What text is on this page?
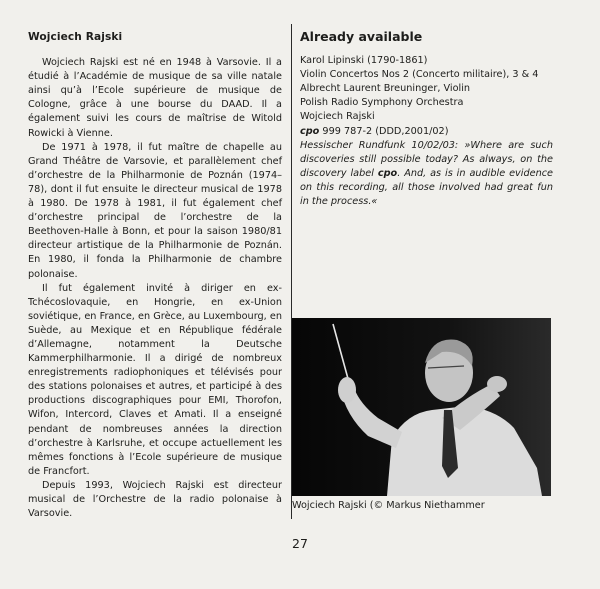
Wojciech Rajski

Wojciech Rajski est né en 1948 à Varsovie. Il a étudié à l’Académie de musique de sa ville natale ainsi qu’à l’Ecole supérieure de musique de Cologne, grâce à une bourse du DAAD. Il a également suivi les cours de maîtrise de Witold Rowicki à Vienne.

De 1971 à 1978, il fut maître de chapelle au Grand Théâtre de Varsovie, et parallèlement chef d’orchestre de la Philharmonie de Poznán (1974–78), dont il fut ensuite le directeur musical de 1978 à 1980. De 1978 à 1981, il fut également chef d’orchestre principal de l’orchestre de la Beethoven-Halle à Bonn, et pour la saison 1980/81 directeur artistique de la Philharmonie de Poznán. En 1980, il fonda la Philharmonie de chambre polonaise.

Il fut également invité à diriger en ex-Tchécoslovaquie, en Hongrie, en ex-Union soviétique, en France, en Grèce, au Luxembourg, en Suède, au Mexique et en République fédérale d’Allemagne, notamment la Deutsche Kammerphilharmonie. Il a dirigé de nombreux enregistrements radiophoniques et télévisés pour des stations polonaises et autres, et participé à des productions discographiques pour EMI, Thorofon, Wifon, Intercord, Claves et Amati. Il a enseigné pendant de nombreuses années la direction d’orchestre à Karlsruhe, et occupe actuellement les mêmes fonctions à l’Ecole supérieure de musique de Francfort.

Depuis 1993, Wojciech Rajski est directeur musical de l’Orchestre de la radio polonaise à Varsovie.

Already available
Karol Lipinski (1790-1861)
Violin Concertos Nos 2 (Concerto militaire), 3 & 4
Albrecht Laurent Breuninger, Violin
Polish Radio Symphony Orchestra
Wojciech Rajski
cpo 999 787-2 (DDD,2001/02)
Hessischer Rundfunk 10/02/03: »Where are such discoveries still possible today? As always, on the discovery label cpo. And, as is in audible evidence on this recording, all those involved had great fun in the process.«
Wojciech Rajski (© Markus Niethammer
27
